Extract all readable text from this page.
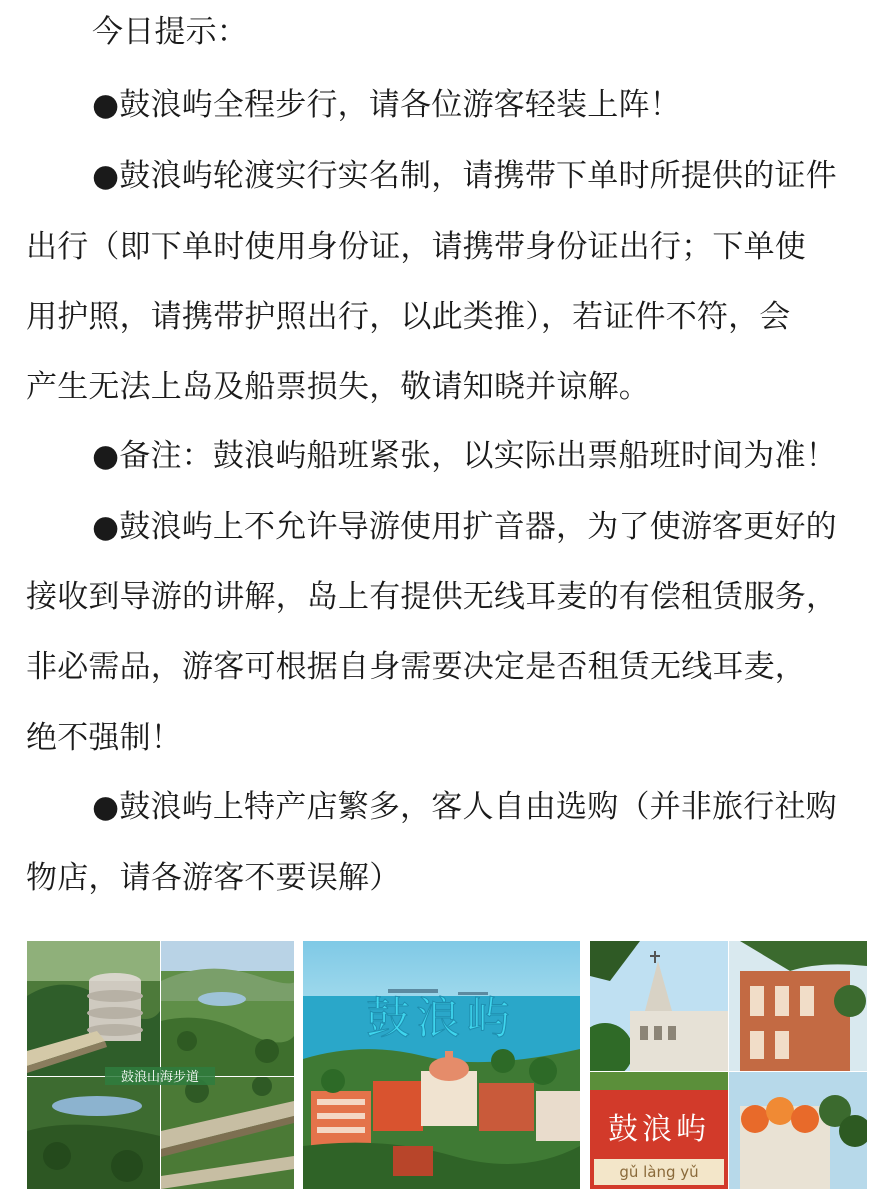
今日提示：
●鼓浪屿全程步行，请各位游客轻装上阵！
●鼓浪屿轮渡实行实名制，请携带下单时所提供的证件
出行（即下单时使用身份证，请携带身份证出行；下单使
用护照，请携带护照出行，以此类推），若证件不符，会
产生无法上岛及船票损失，敬请知晓并谅解。
●备注：鼓浪屿船班紧张，以实际出票船班时间为准！
●鼓浪屿上不允许导游使用扩音器，为了使游客更好的
接收到导游的讲解，岛上有提供无线耳麦的有偿租赁服务，
非必需品，游客可根据自身需要决定是否租赁无线耳麦，
绝不强制！
●鼓浪屿上特产店繁多，客人自由选购（并非旅行社购
物店，请各游客不要误解）
鼓浪山海步道
鼓浪屿
鼓浪屿
gǔ làng yǔ
